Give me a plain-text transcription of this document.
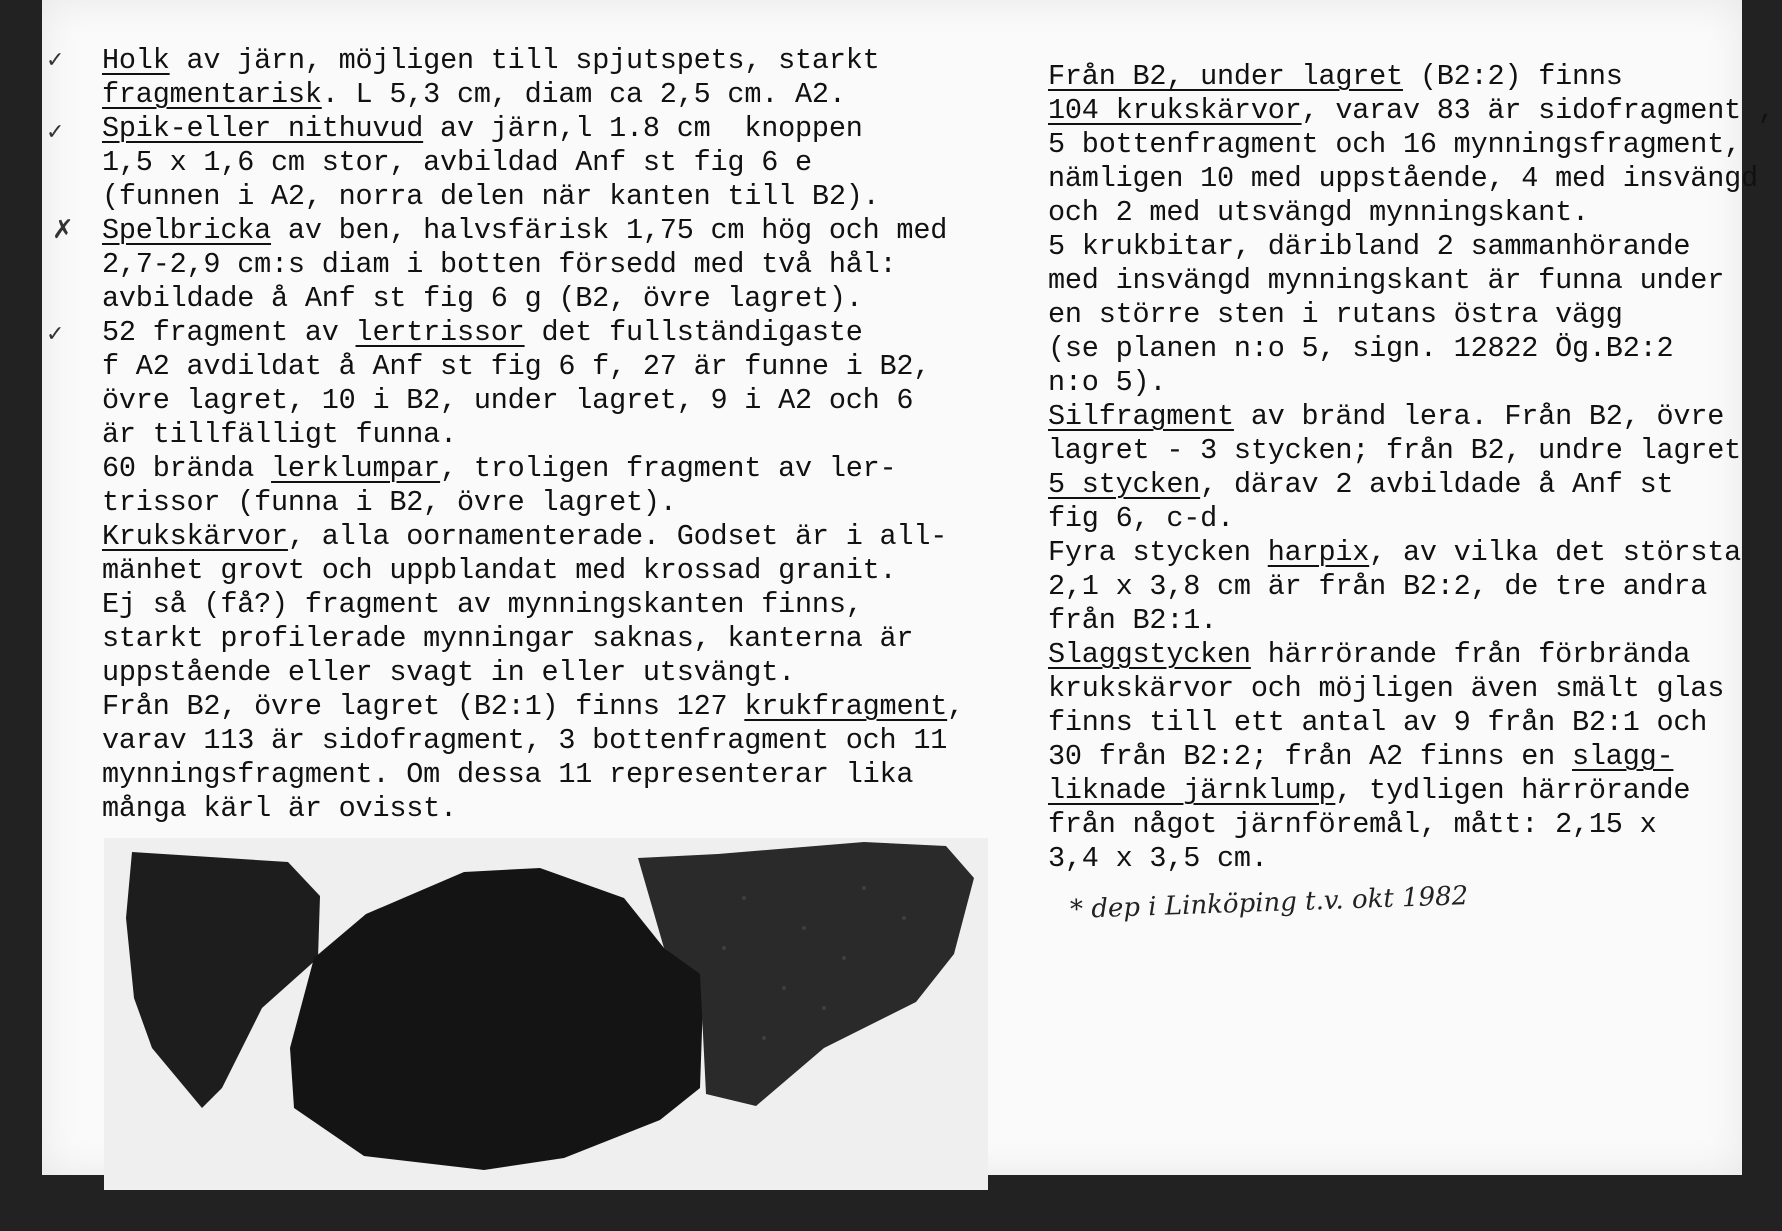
Holk av järn, möjligen till spjutspets, starkt
fragmentarisk. L 5,3 cm, diam ca 2,5 cm. A2.
Spik-eller nithuvud av järn,l 1.8 cm  knoppen
1,5 x 1,6 cm stor, avbildad Anf st fig 6 e
(funnen i A2, norra delen när kanten till B2).
Spelbricka av ben, halvsfärisk 1,75 cm hög och med
2,7-2,9 cm:s diam i botten försedd med två hål:
avbildade å Anf st fig 6 g (B2, övre lagret).
52 fragment av lertrissor det fullständigaste
f A2 avdildat å Anf st fig 6 f, 27 är funne i B2,
övre lagret, 10 i B2, under lagret, 9 i A2 och 6
är tillfälligt funna.
60 brända lerklumpar, troligen fragment av ler-
trissor (funna i B2, övre lagret).
Krukskärvor, alla oornamenterade. Godset är i all-
mänhet grovt och uppblandat med krossad granit.
Ej så (få?) fragment av mynningskanten finns,
starkt profilerade mynningar saknas, kanterna är
uppstående eller svagt in eller utsvängt.
Från B2, övre lagret (B2:1) finns 127 krukfragment,
varav 113 är sidofragment, 3 bottenfragment och 11
mynningsfragment. Om dessa 11 representerar lika
många kärl är ovisst.
Från B2, under lagret (B2:2) finns
104 krukskärvor, varav 83 är sidofragment ,
5 bottenfragment och 16 mynningsfragment,
nämligen 10 med uppstående, 4 med insvängd
och 2 med utsvängd mynningskant.
5 krukbitar, däribland 2 sammanhörande
med insvängd mynningskant är funna under
en större sten i rutans östra vägg
(se planen n:o 5, sign. 12822 Ög.B2:2
n:o 5).
Silfragment av bränd lera. Från B2, övre
lagret - 3 stycken; från B2, undre lagret
5 stycken, därav 2 avbildade å Anf st
fig 6, c-d.
Fyra stycken harpix, av vilka det största
2,1 x 3,8 cm är från B2:2, de tre andra
från B2:1.
Slaggstycken härrörande från förbrända
krukskärvor och möjligen även smält glas
finns till ett antal av 9 från B2:1 och
30 från B2:2; från A2 finns en slagg-
liknade järnklump, tydligen härrörande
från något järnföremål, mått: 2,15 x
3,4 x 3,5 cm.
* dep i Linköping t.v. okt 1982
✓
✓
✓
✗
